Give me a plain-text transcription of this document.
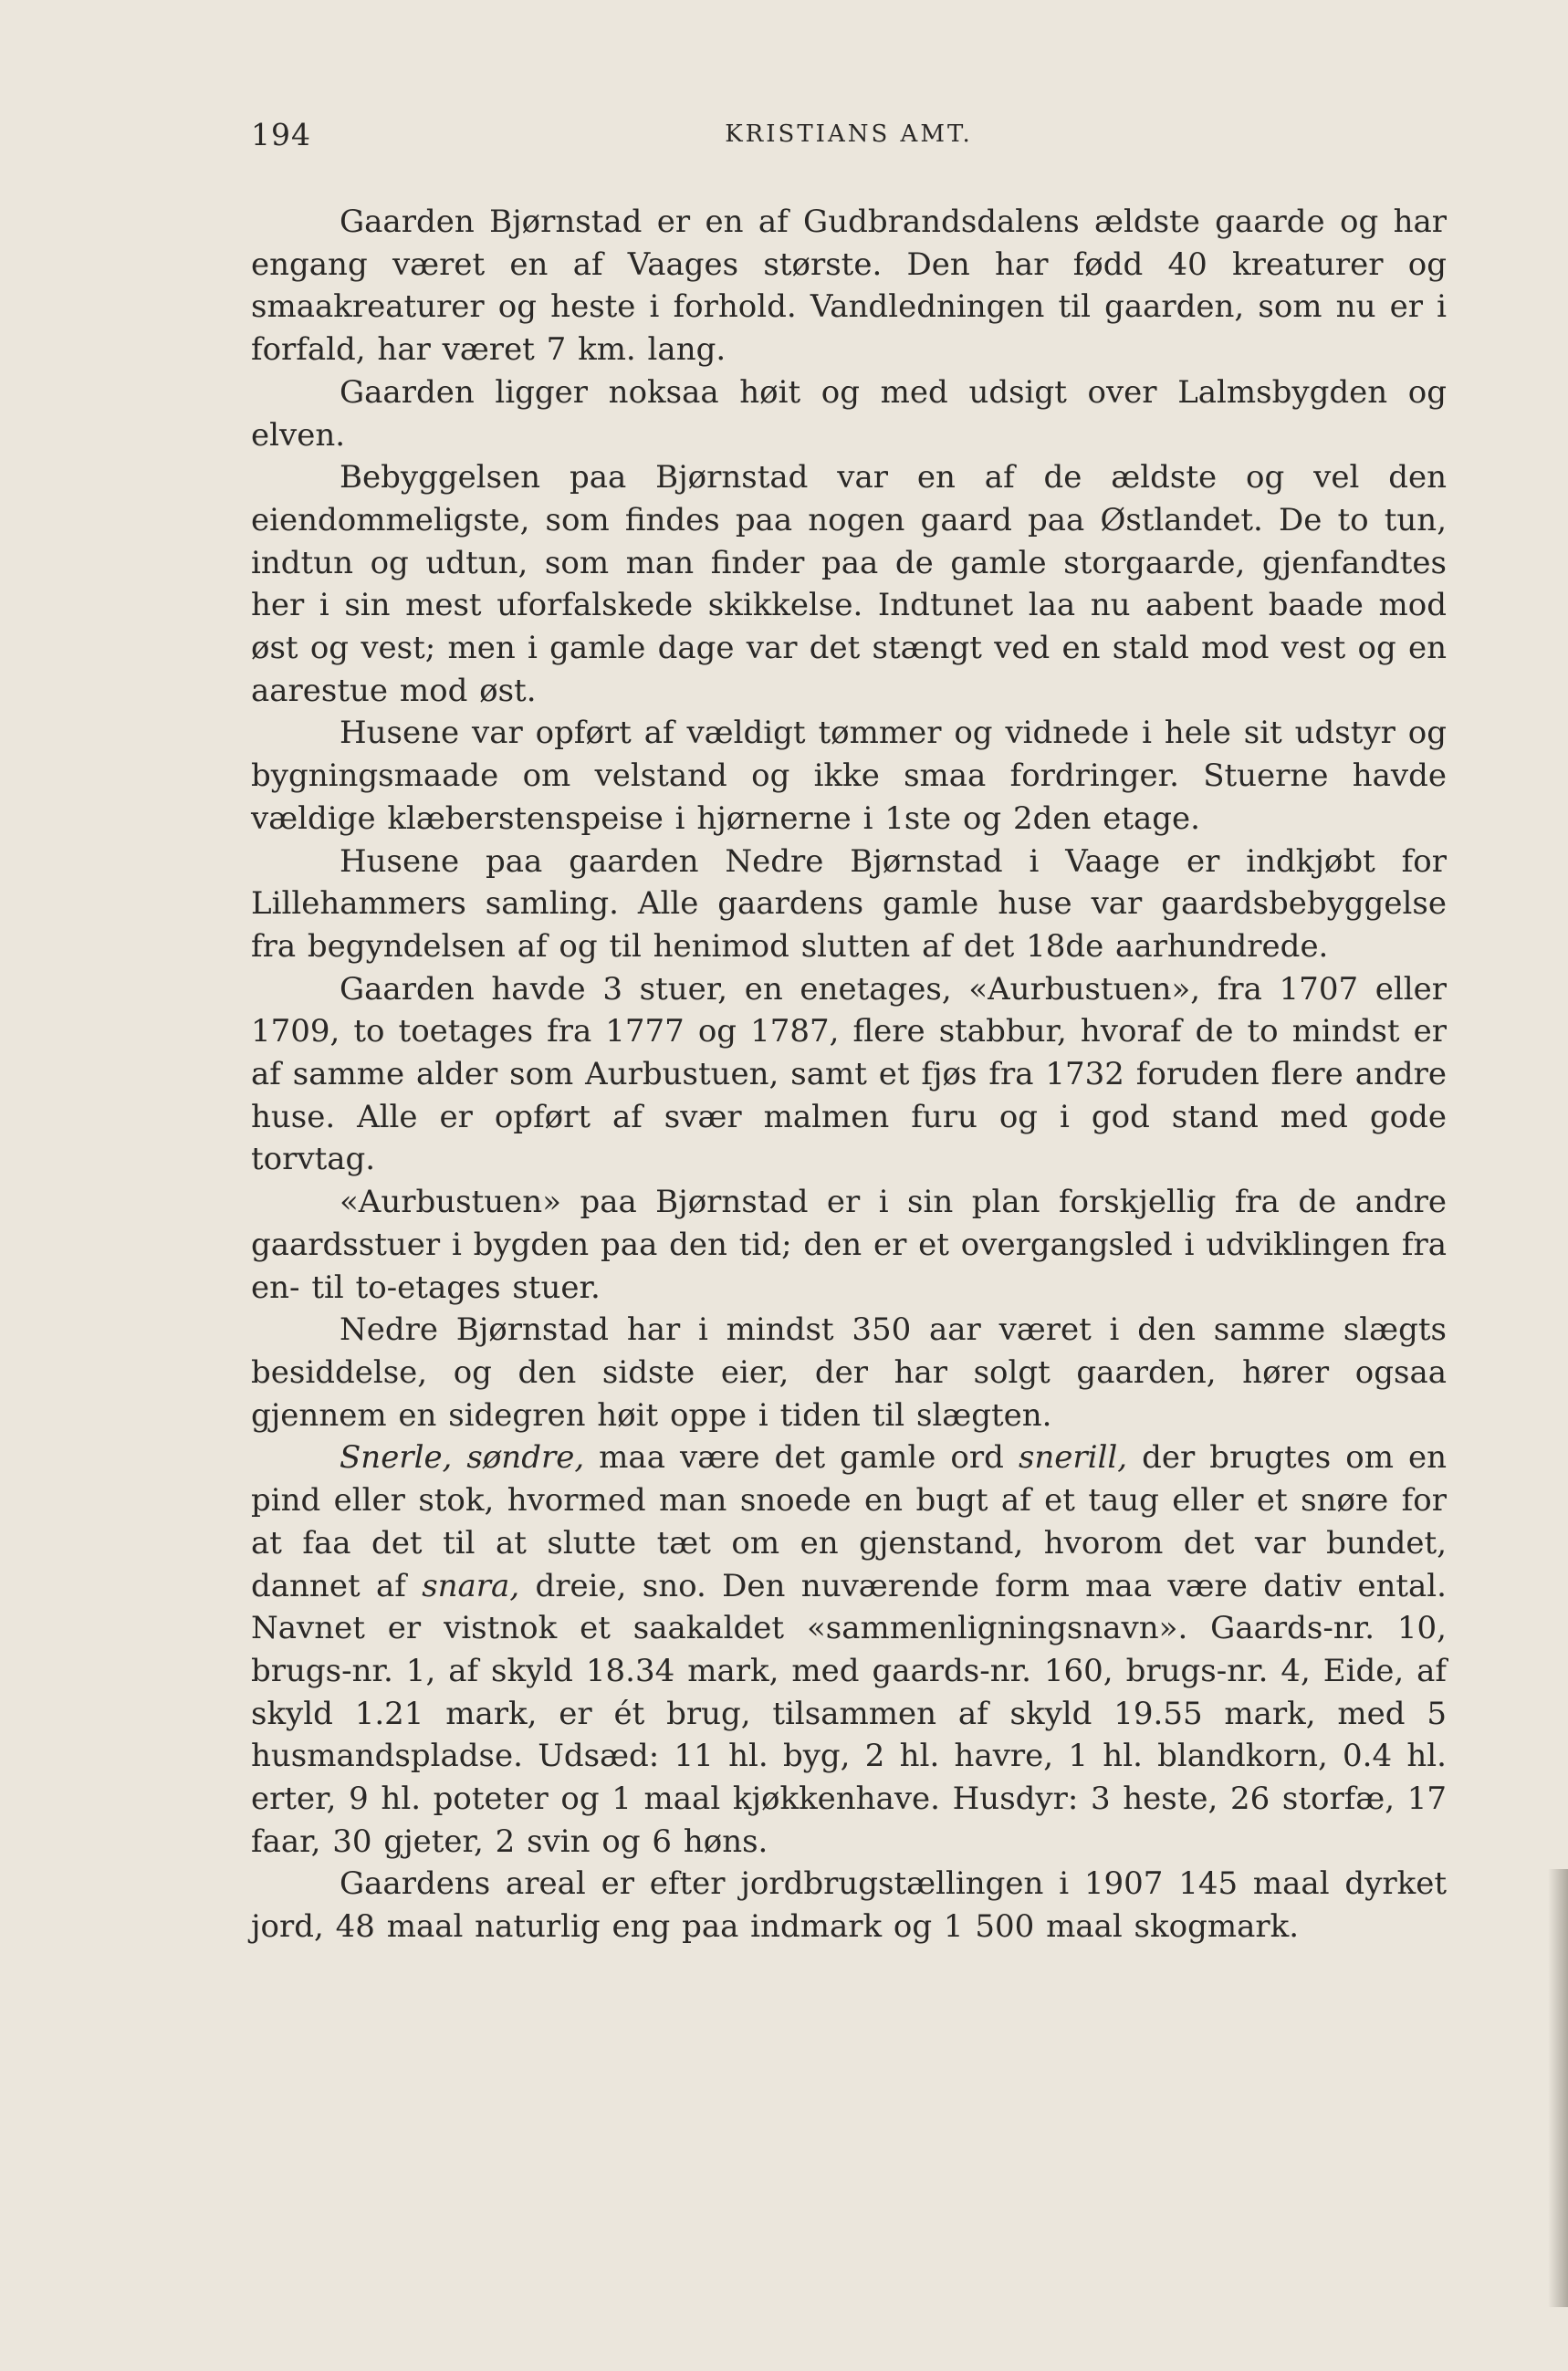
194	KRISTIANS AMT.

Gaarden Bjørnstad er en af Gudbrandsdalens ældste gaarde og har engang været en af Vaages største. Den har fødd 40 kreaturer og smaakreaturer og heste i forhold. Vandledningen til gaarden, som nu er i forfald, har været 7 km. lang.

Gaarden ligger noksaa høit og med udsigt over Lalmsbygden og elven.

Bebyggelsen paa Bjørnstad var en af de ældste og vel den eiendommeligste, som findes paa nogen gaard paa Østlandet. De to tun, indtun og udtun, som man finder paa de gamle storgaarde, gjenfandtes her i sin mest uforfalskede skikkelse. Indtunet laa nu aabent baade mod øst og vest; men i gamle dage var det stængt ved en stald mod vest og en aarestue mod øst.

Husene var opført af vældigt tømmer og vidnede i hele sit udstyr og bygningsmaade om velstand og ikke smaa fordringer. Stuerne havde vældige klæberstenspeise i hjørnerne i 1ste og 2den etage.

Husene paa gaarden Nedre Bjørnstad i Vaage er indkjøbt for Lillehammers samling. Alle gaardens gamle huse var gaardsbebyggelse fra begyndelsen af og til henimod slutten af det 18de aarhundrede.

Gaarden havde 3 stuer, en enetages, «Aurbustuen», fra 1707 eller 1709, to toetages fra 1777 og 1787, flere stabbur, hvoraf de to mindst er af samme alder som Aurbustuen, samt et fjøs fra 1732 foruden flere andre huse. Alle er opført af svær malmen furu og i god stand med gode torvtag.

«Aurbustuen» paa Bjørnstad er i sin plan forskjellig fra de andre gaardsstuer i bygden paa den tid; den er et overgangsled i udviklingen fra en- til to-etages stuer.

Nedre Bjørnstad har i mindst 350 aar været i den samme slægts besiddelse, og den sidste eier, der har solgt gaarden, hører ogsaa gjennem en sidegren høit oppe i tiden til slægten.

Snerle, søndre, maa være det gamle ord snerill, der brugtes om en pind eller stok, hvormed man snoede en bugt af et taug eller et snøre for at faa det til at slutte tæt om en gjenstand, hvorom det var bundet, dannet af snara, dreie, sno. Den nuværende form maa være dativ ental. Navnet er vistnok et saakaldet «sammenligningsnavn». Gaards-nr. 10, brugs-nr. 1, af skyld 18.34 mark, med gaards-nr. 160, brugs-nr. 4, Eide, af skyld 1.21 mark, er ét brug, tilsammen af skyld 19.55 mark, med 5 husmandspladse. Udsæd: 11 hl. byg, 2 hl. havre, 1 hl. blandkorn, 0.4 hl. erter, 9 hl. poteter og 1 maal kjøkkenhave. Husdyr: 3 heste, 26 storfæ, 17 faar, 30 gjeter, 2 svin og 6 høns.

Gaardens areal er efter jordbrugstællingen i 1907 145 maal dyrket jord, 48 maal naturlig eng paa indmark og 1 500 maal skogmark.
